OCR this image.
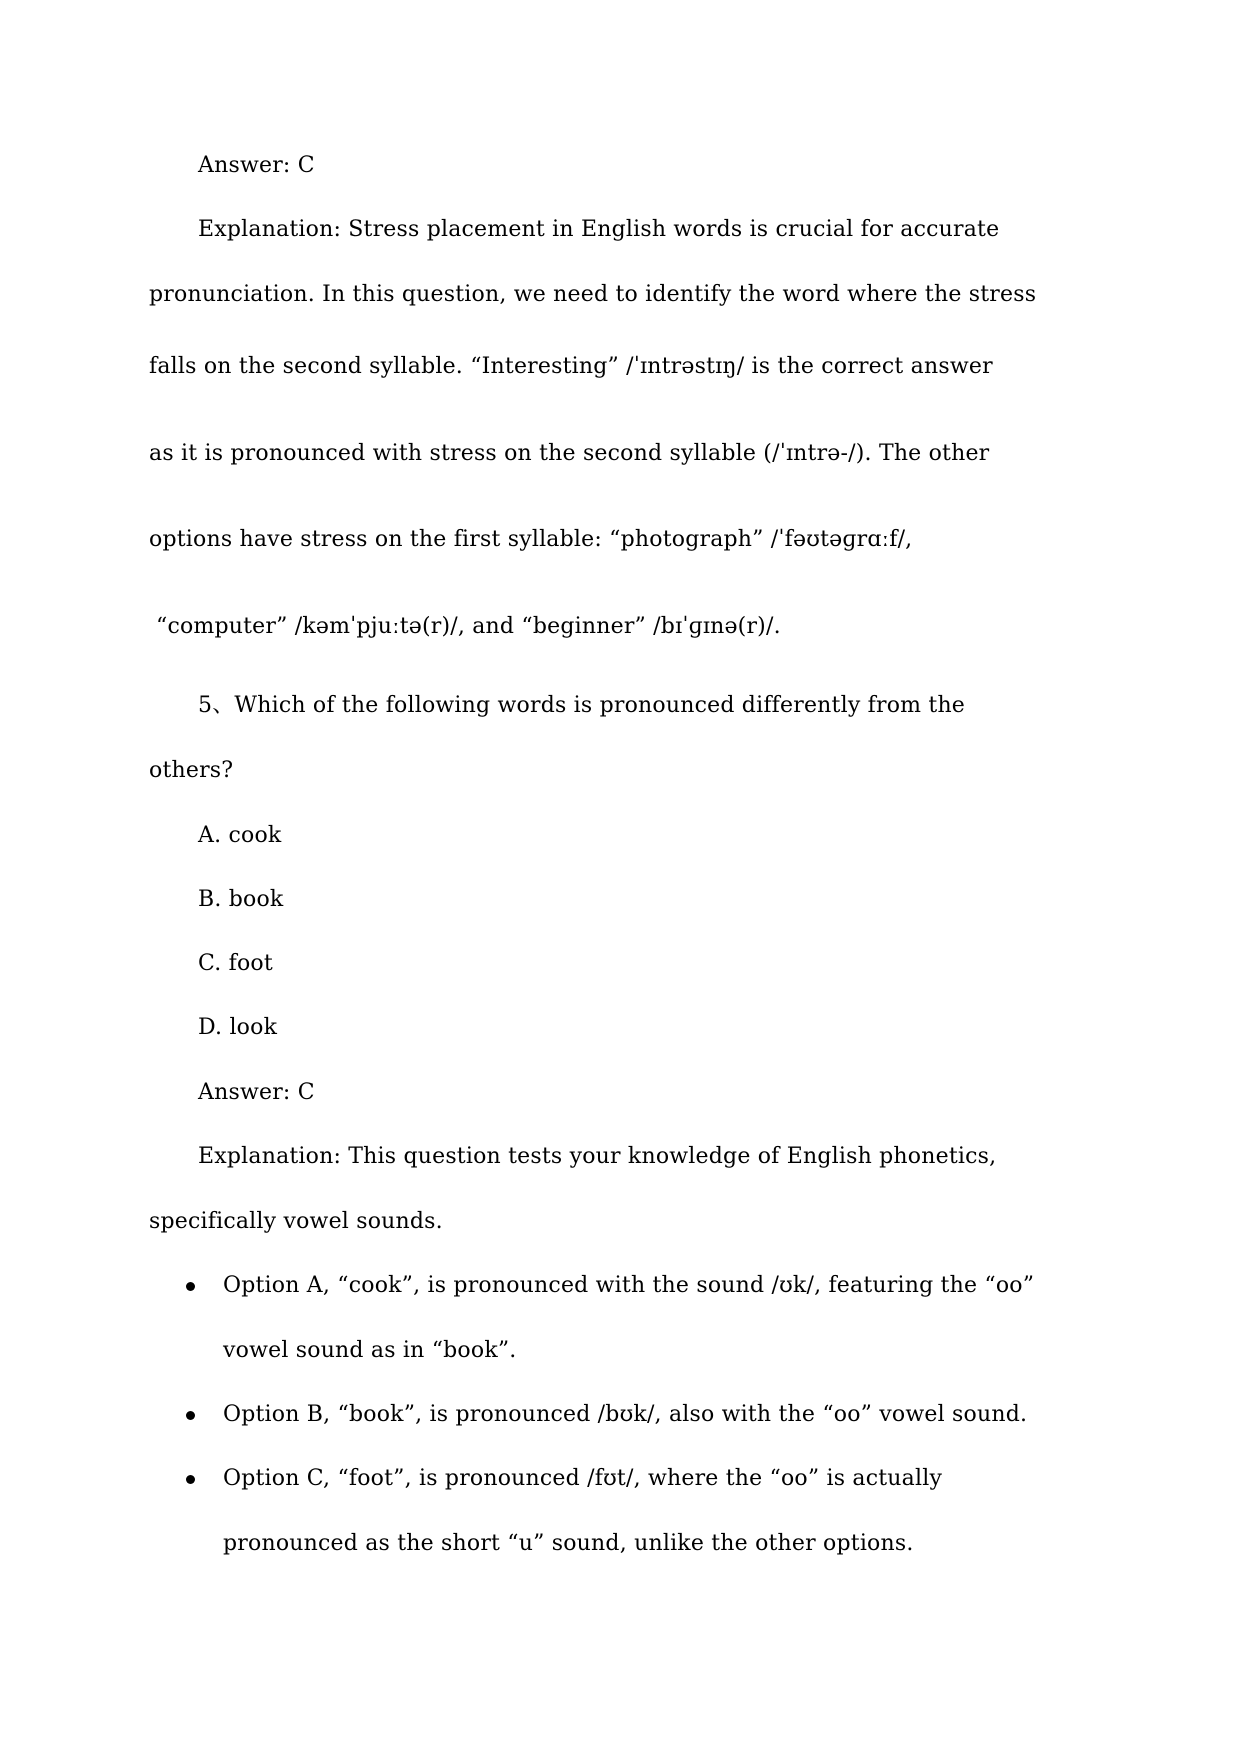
Answer: C
Explanation: Stress placement in English words is crucial for accurate
pronunciation. In this question, we need to identify the word where the stress
falls on the second syllable. “Interesting” /ˈɪntrəstɪŋ/ is the correct answer
as it is pronounced with stress on the second syllable (/ˈɪntrə-/). The other
options have stress on the first syllable: “photograph” /ˈfəʊtəɡrɑːf/,
“computer” /kəmˈpjuːtə(r)/, and “beginner” /bɪˈɡɪnə(r)/.
5、Which of the following words is pronounced differently from the
others?
A. cook
B. book
C. foot
D. look
Answer: C
Explanation: This question tests your knowledge of English phonetics,
specifically vowel sounds.
Option A, “cook”, is pronounced with the sound /ʊk/, featuring the “oo”
vowel sound as in “book”.
Option B, “book”, is pronounced /bʊk/, also with the “oo” vowel sound.
Option C, “foot”, is pronounced /fʊt/, where the “oo” is actually
pronounced as the short “u” sound, unlike the other options.
